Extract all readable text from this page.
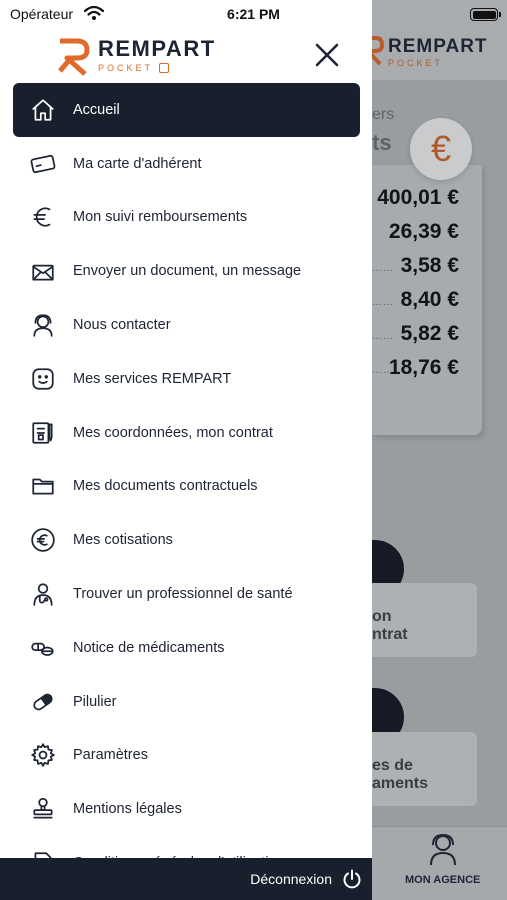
REMPART
POCKET
ers
ts	€
on
ntrat
es de
aments
MON AGENCE
400,01 €
26,39 €
3,58 €
……
8,40 €
……
5,82 €
……
18,76 €
……
Opérateur	6:21 PM
REMPART
POCKET
Accueil
Ma carte d'adhérent
Mon suivi remboursements
Envoyer un document, un message
Nous contacter
Mes services REMPART
Mes coordonnées, mon contrat
Mes documents contractuels
Mes cotisations
Trouver un professionnel de santé
Notice de médicaments
Pilulier
Paramètres
Mentions légales
Déconnexion
